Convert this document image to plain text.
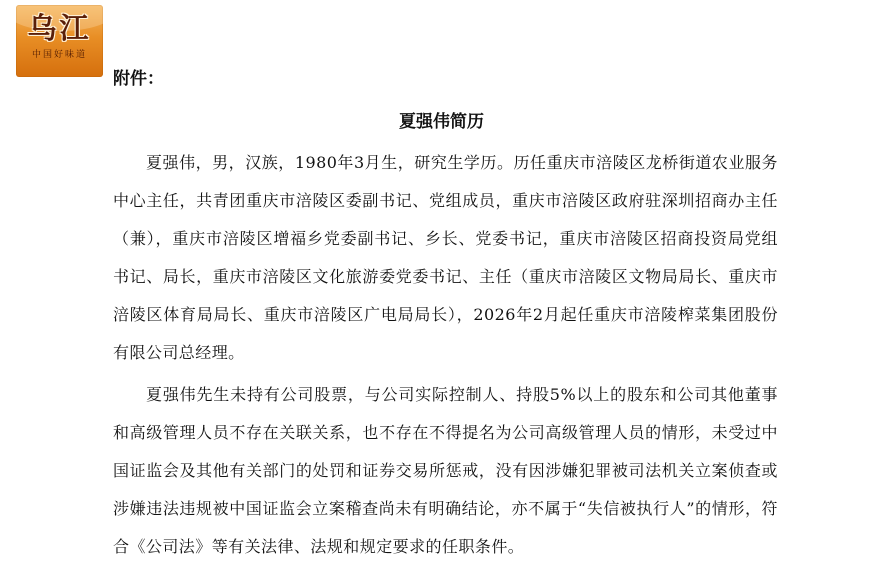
乌江
中国好味道

附件：

夏强伟简历

夏强伟，男，汉族，1980年3月生，研究生学历。历任重庆市涪陵区龙桥街道农业服务中心主任，共青团重庆市涪陵区委副书记、党组成员，重庆市涪陵区政府驻深圳招商办主任（兼），重庆市涪陵区增福乡党委副书记、乡长、党委书记，重庆市涪陵区招商投资局党组书记、局长，重庆市涪陵区文化旅游委党委书记、主任（重庆市涪陵区文物局局长、重庆市涪陵区体育局局长、重庆市涪陵区广电局局长），2026年2月起任重庆市涪陵榨菜集团股份有限公司总经理。

夏强伟先生未持有公司股票，与公司实际控制人、持股5%以上的股东和公司其他董事和高级管理人员不存在关联关系，也不存在不得提名为公司高级管理人员的情形，未受过中国证监会及其他有关部门的处罚和证券交易所惩戒，没有因涉嫌犯罪被司法机关立案侦查或涉嫌违法违规被中国证监会立案稽查尚未有明确结论，亦不属于“失信被执行人”的情形，符合《公司法》等有关法律、法规和规定要求的任职条件。
